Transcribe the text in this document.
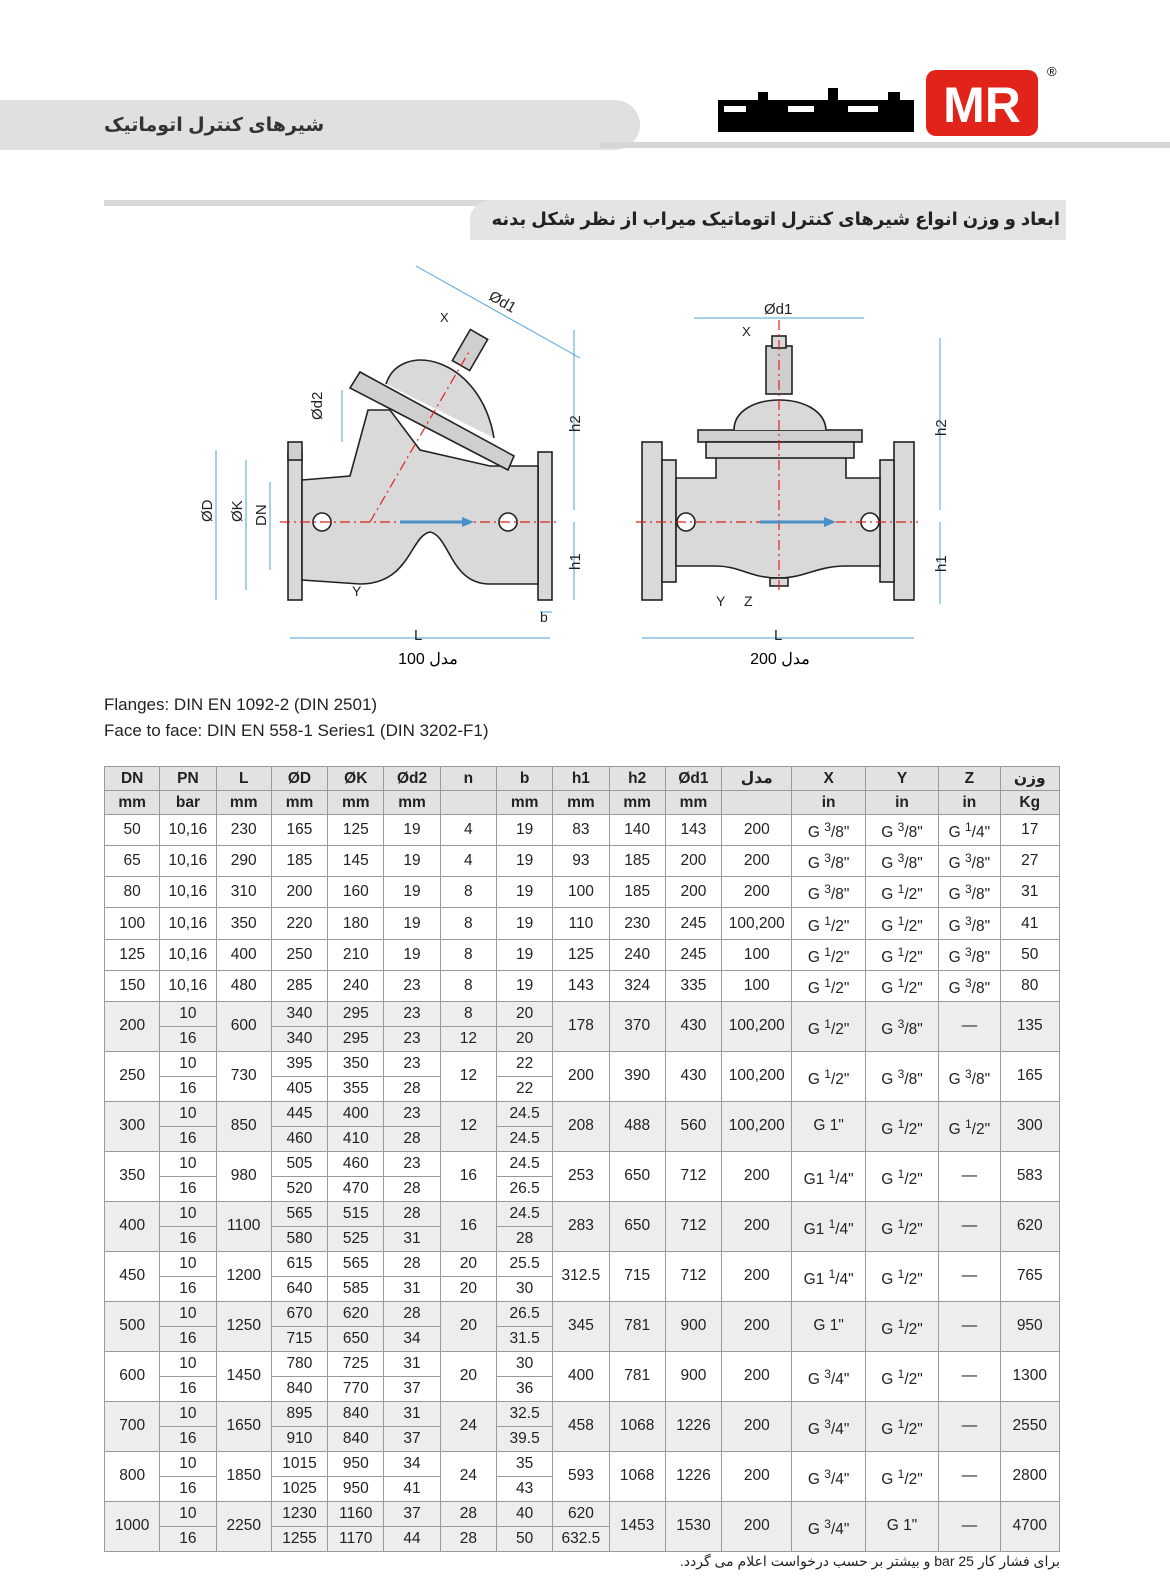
شیرهای کنترل اتوماتیک	MR
®
ابعاد و وزن انواع شیرهای کنترل اتوماتیک میراب از نظر شکل بدنه
ØD ØK DN
Ød1
Ød2
h2
h1
X
Y
b
L
100 مدل
Ød1
h2
h1
X
Y Z
L
200 مدل
Flanges: DIN EN 1092-2 (DIN 2501)
Face to face: DIN EN 558-1 Series1 (DIN 3202-F1)
DN	PN	L	ØD	ØK	Ød2	n	b	h1	h2	Ød1	مدل	X	Y	Z	وزن
mm	bar	mm	mm	mm	mm		mm	mm	mm	mm		in	in	in	Kg
50	10,16	230	165	125	19	4	19	83	140	143	200	G $^3$/8"	G $^3$/8"	G $^1$/4"	17
65	10,16	290	185	145	19	4	19	93	185	200	200	G $^3$/8"	G $^3$/8"	G $^3$/8"	27
80	10,16	310	200	160	19	8	19	100	185	200	200	G $^3$/8"	G $^1$/2"	G $^3$/8"	31
100	10,16	350	220	180	19	8	19	110	230	245	100,200	G $^1$/2"	G $^1$/2"	G $^3$/8"	41
125	10,16	400	250	210	19	8	19	125	240	245	100	G $^1$/2"	G $^1$/2"	G $^3$/8"	50
150	10,16	480	285	240	23	8	19	143	324	335	100	G $^1$/2"	G $^1$/2"	G $^3$/8"	80
200	10	600	340	295	23	8	20	178	370	430	100,200	G $^1$/2"	G $^3$/8"	—	135
	16		340	295	23	12	20								
250	10	730	395	350	23	12	22	200	390	430	100,200	G $^1$/2"	G $^3$/8"	G $^3$/8"	165
	16		405	355	28		22								
300	10	850	445	400	23	12	24.5	208	488	560	100,200	G 1"	G $^1$/2"	G $^1$/2"	300
	16		460	410	28		24.5								
350	10	980	505	460	23	16	24.5	253	650	712	200	G1 $^1$/4"	G $^1$/2"	—	583
	16		520	470	28		26.5								
400	10	1100	565	515	28	16	24.5	283	650	712	200	G1 $^1$/4"	G $^1$/2"	—	620
	16		580	525	31		28								
450	10	1200	615	565	28	20	25.5	312.5	715	712	200	G1 $^1$/4"	G $^1$/2"	—	765
	16		640	585	31	20	30								
500	10	1250	670	620	28	20	26.5	345	781	900	200	G 1"	G $^1$/2"	—	950
	16		715	650	34		31.5								
600	10	1450	780	725	31	20	30	400	781	900	200	G $^3$/4"	G $^1$/2"	—	1300
	16		840	770	37		36								
700	10	1650	895	840	31	24	32.5	458	1068	1226	200	G $^3$/4"	G $^1$/2"	—	2550
	16		910	840	37		39.5								
800	10	1850	1015	950	34	24	35	593	1068	1226	200	G $^3$/4"	G $^1$/2"	—	2800
	16		1025	950	41		43								
1000	10	2250	1230	1160	37	28	40	620	1453	1530	200	G $^3$/4"	G 1"	—	4700
	16		1255	1170	44	28	50	632.5							
برای فشار کار bar 25 و بیشتر بر حسب درخواست اعلام می گردد.
